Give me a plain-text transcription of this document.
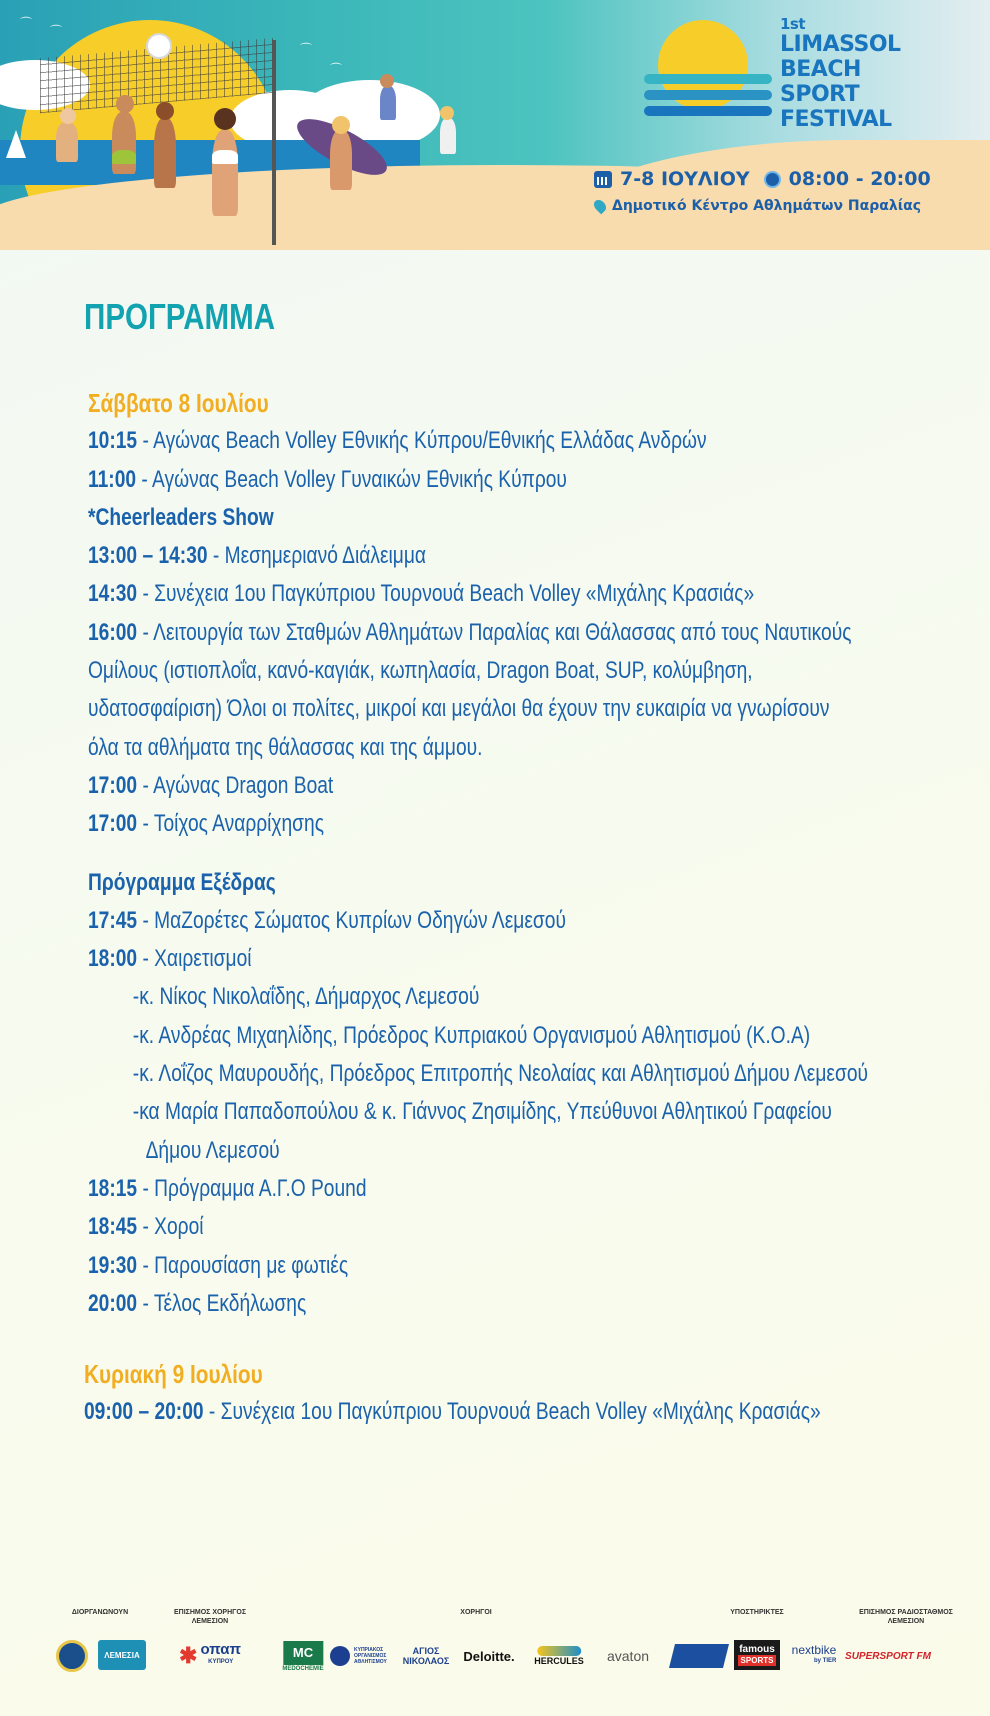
⌒
⌒
⌒
⌒
1st
LIMASSOL
BEACH
SPORT
FESTIVAL
7-8 ΙΟΥΛΙΟΥ 08:00 - 20:00
Δημοτικό Κέντρο Αθλημάτων Παραλίας
ΠΡΟΓΡΑΜΜΑ
Σάββατο 8 Ιουλίου
10:15 - Αγώνας Beach Volley Εθνικής Κύπρου/Εθνικής Ελλάδας Ανδρών
11:00 - Αγώνας Beach Volley Γυναικών Εθνικής Κύπρου
*Cheerleaders Show
13:00 – 14:30 - Μεσημεριανό Διάλειμμα
14:30 - Συνέχεια 1ου Παγκύπριου Τουρνουά Beach Volley «Μιχάλης Κρασιάς»
16:00 - Λειτουργία των Σταθμών Αθλημάτων Παραλίας και Θάλασσας από τους Ναυτικούς
Ομίλους (ιστιοπλοΐα, κανό-καγιάκ, κωπηλασία, Dragon Boat, SUP, κολύμβηση,
υδατοσφαίριση) Όλοι οι πολίτες, μικροί και μεγάλοι θα έχουν την ευκαιρία να γνωρίσουν
όλα τα αθλήματα της θάλασσας και της άμμου.
17:00 - Αγώνας Dragon Boat
17:00 - Τοίχος Αναρρίχησης
Πρόγραμμα Εξέδρας
17:45 - ΜαΖορέτες Σώματος Κυπρίων Οδηγών Λεμεσού
18:00 - Χαιρετισμοί
-κ. Νίκος Νικολαΐδης, Δήμαρχος Λεμεσού
-κ. Ανδρέας Μιχαηλίδης, Πρόεδρος Κυπριακού Οργανισμού Αθλητισμού (Κ.Ο.Α)
-κ. Λοΐζος Μαυρουδής, Πρόεδρος Επιτροπής Νεολαίας και Αθλητισμού Δήμου Λεμεσού
-κα Μαρία Παπαδοπούλου & κ. Γιάννος Ζησιμίδης, Υπεύθυνοι Αθλητικού Γραφείου
Δήμου Λεμεσού
18:15 - Πρόγραμμα Α.Γ.Ο Pound
18:45 - Χοροί
19:30 - Παρουσίαση με φωτιές
20:00 - Τέλος Εκδήλωσης
Κυριακή 9 Ιουλίου
09:00 – 20:00 - Συνέχεια 1ου Παγκύπριου Τουρνουά Beach Volley «Μιχάλης Κρασιάς»
ΔΙΟΡΓΑΝΩΝΟΥΝ	ΕΠΙΣΗΜΟΣ ΧΟΡΗΓΟΣ
ΛΕΜΕΣΙΟΝ
ΧΟΡΗΓΟΙ	ΥΠΟΣΤΗΡΙΚΤΕΣ	ΕΠΙΣΗΜΟΣ ΡΑΔΙΟΣΤΑΘΜΟΣ
ΛΕΜΕΣΙΟΝ
ΛΕΜΕΣΙΑ ✱ οπαπ
ΚΥΠΡΟΥ
MC
MEDOCHEMIE
ΚΥΠΡΙΑΚΟΣ ΟΡΓΑΝΙΣΜΟΣ ΑΘΛΗΤΙΣΜΟΥ
ΑΓΙΟΣ ΝΙΚΟΛΑΟΣ Deloitte. HERCULES avaton	famous
SPORTS
nextbike
by TIER SUPERSPORT FM
